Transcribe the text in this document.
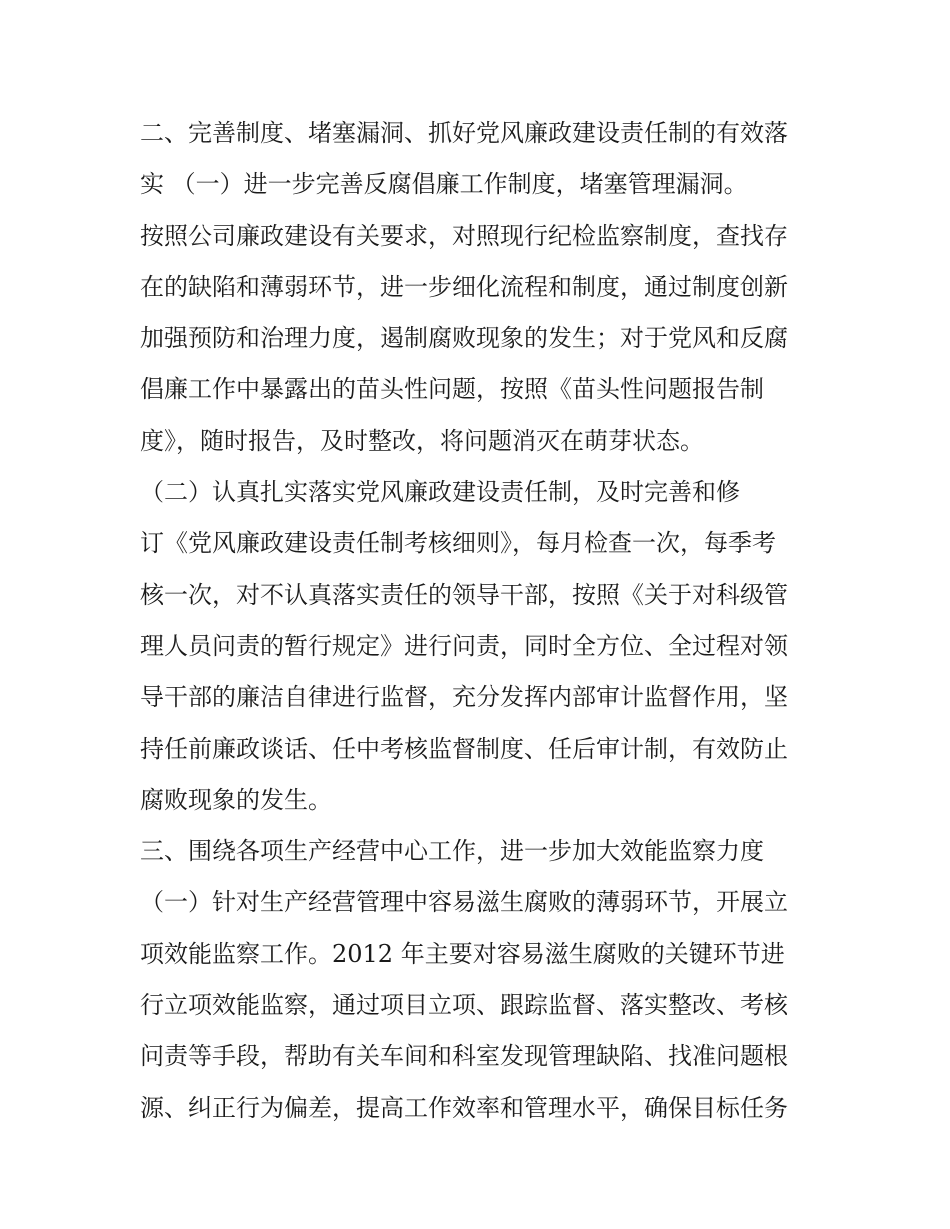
二、完善制度、堵塞漏洞、抓好党风廉政建设责任制的有效落
实 （一）进一步完善反腐倡廉工作制度，堵塞管理漏洞。
按照公司廉政建设有关要求，对照现行纪检监察制度，查找存
在的缺陷和薄弱环节，进一步细化流程和制度，通过制度创新
加强预防和治理力度，遏制腐败现象的发生；对于党风和反腐
倡廉工作中暴露出的苗头性问题，按照《苗头性问题报告制
度》，随时报告，及时整改，将问题消灭在萌芽状态。
（二）认真扎实落实党风廉政建设责任制，及时完善和修
订《党风廉政建设责任制考核细则》，每月检查一次，每季考
核一次，对不认真落实责任的领导干部，按照《关于对科级管
理人员问责的暂行规定》进行问责，同时全方位、全过程对领
导干部的廉洁自律进行监督，充分发挥内部审计监督作用，坚
持任前廉政谈话、任中考核监督制度、任后审计制，有效防止
腐败现象的发生。
三、围绕各项生产经营中心工作，进一步加大效能监察力度
（一）针对生产经营管理中容易滋生腐败的薄弱环节，开展立
项效能监察工作。2012 年主要对容易滋生腐败的关键环节进
行立项效能监察，通过项目立项、跟踪监督、落实整改、考核
问责等手段，帮助有关车间和科室发现管理缺陷、找准问题根
源、纠正行为偏差，提高工作效率和管理水平，确保目标任务
